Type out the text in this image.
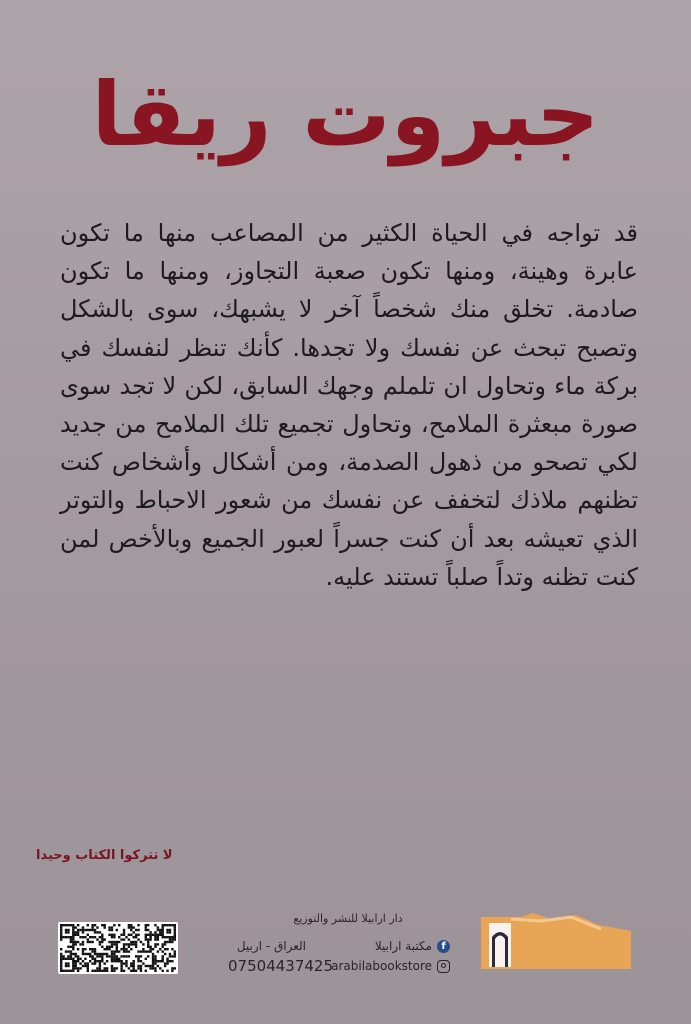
جبروت ريقا
قد تواجه في الحياة الكثير من المصاعب منها ما تكون عابرة وهينة، ومنها تكون صعبة التجاوز، ومنها ما تكون صادمة. تخلق منك شخصاً آخر لا يشبهك، سوى بالشكل وتصبح تبحث عن نفسك ولا تجدها. كأنك تنظر لنفسك في بركة ماء وتحاول ان تلملم وجهك السابق، لكن لا تجد سوى صورة مبعثرة الملامح، وتحاول تجميع تلك الملامح من جديد لكي تصحو من ذهول الصدمة، ومن أشكال وأشخاص كنت تظنهم ملاذك لتخفف عن نفسك من شعور الاحباط والتوتر الذي تعيشه بعد أن كنت جسراً لعبور الجميع وبالأخص لمن كنت تظنه وتداً صلباً تستند عليه.
لا تتركوا الكتاب وحيدا
دار ارابيلا للنشر والتوزيع
f
مكتبة ارابيلا
العراق - اربيل
arabilabookstore
07504437425
